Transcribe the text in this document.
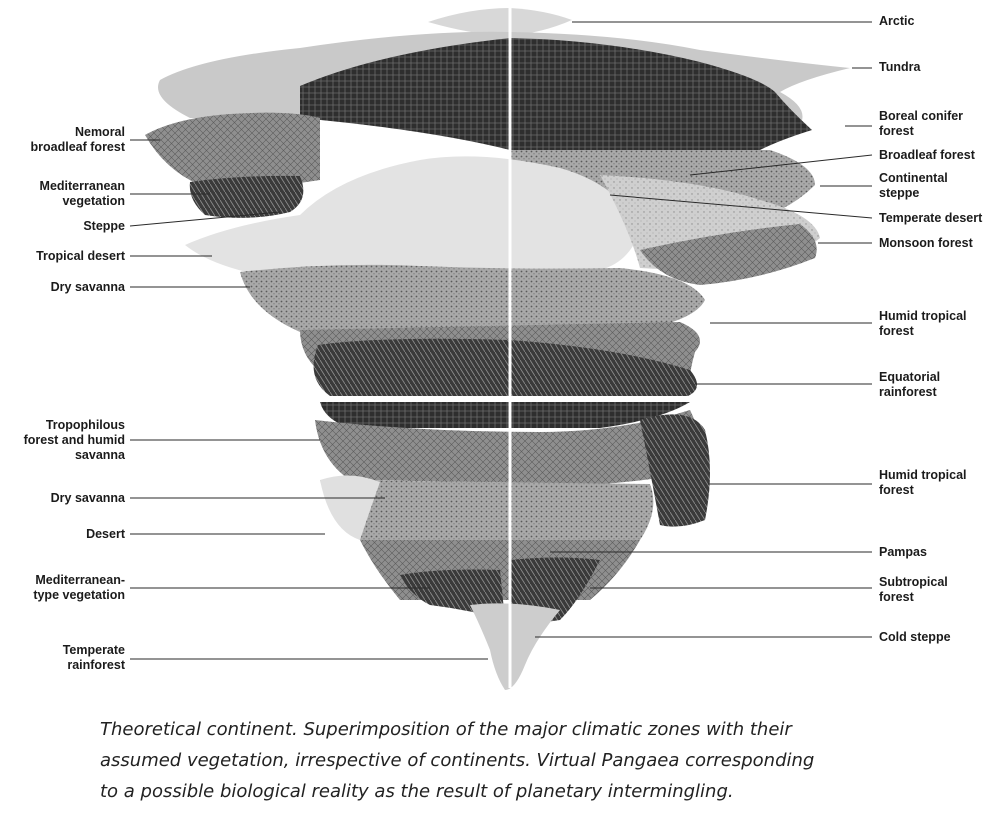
Nemoral
broadleaf forest
Mediterranean
vegetation
Steppe
Tropical desert
Dry savanna
Tropophilous
forest and humid
savanna
Dry savanna
Desert
Mediterranean-
type vegetation
Temperate
rainforest
Arctic
Tundra
Boreal conifer
forest
Broadleaf forest
Continental
steppe
Temperate desert
Monsoon forest
Humid tropical
forest
Equatorial
rainforest
Humid tropical
forest
Pampas
Subtropical
forest
Cold steppe
Theoretical continent. Superimposition of the major climatic zones with their
assumed vegetation, irrespective of continents. Virtual Pangaea corresponding
to a possible biological reality as the result of planetary intermingling.
